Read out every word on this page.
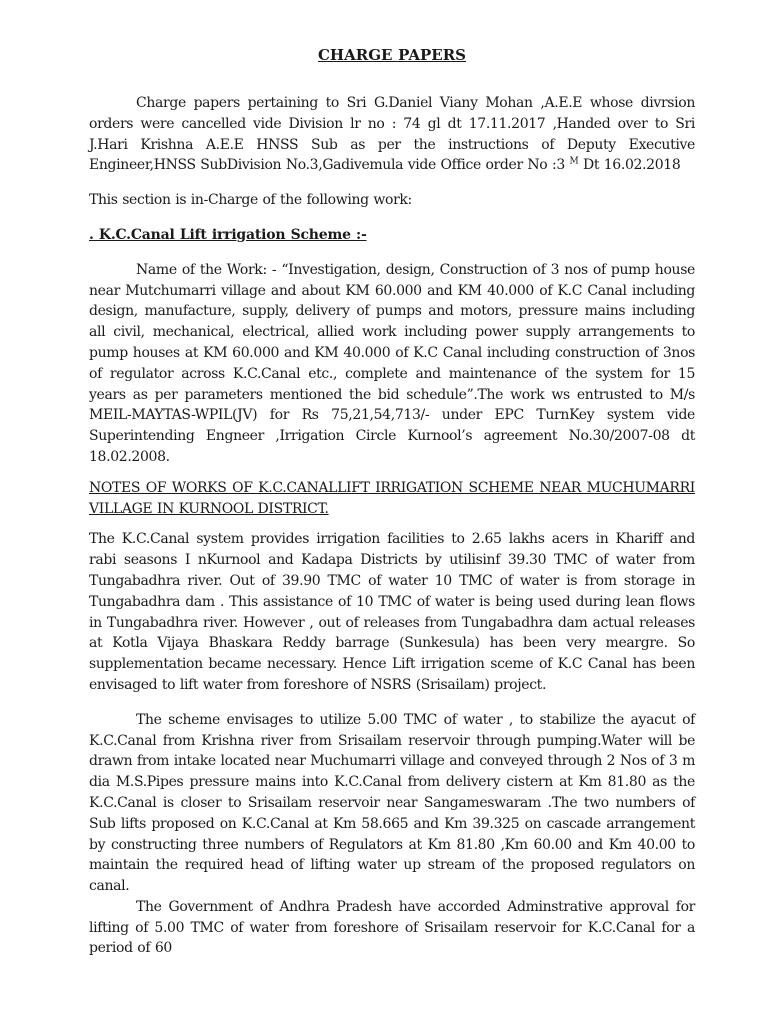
CHARGE PAPERS

Charge papers pertaining to Sri G.Daniel Viany Mohan ,A.E.E whose divrsion orders were cancelled vide Division lr no : 74 gl dt 17.11.2017 ,Handed over to Sri J.Hari Krishna A.E.E HNSS Sub as per the instructions of Deputy Executive Engineer,HNSS SubDivision No.3,Gadivemula vide Office order No :3 $^M$ Dt 16.02.2018

This section is in-Charge of the following work:

. K.C.Canal Lift irrigation Scheme :-

Name of the Work: - “Investigation, design, Construction of 3 nos of pump house near Mutchumarri village and about KM 60.000 and KM 40.000 of K.C Canal including design, manufacture, supply, delivery of pumps and motors, pressure mains including all civil, mechanical, electrical, allied work including power supply arrangements to pump houses at KM 60.000 and KM 40.000 of K.C Canal including construction of 3nos of regulator across K.C.Canal etc., complete and maintenance of the system for 15 years as per parameters mentioned the bid schedule”.The work ws entrusted to M/s MEIL-MAYTAS-WPIL(JV) for Rs 75,21,54,713/- under EPC TurnKey system vide Superintending Engneer ,Irrigation Circle Kurnool’s agreement No.30/2007-08 dt 18.02.2008.

NOTES OF WORKS OF K.C.CANALLIFT IRRIGATION SCHEME NEAR MUCHUMARRI VILLAGE IN KURNOOL DISTRICT.

The K.C.Canal system provides irrigation facilities to 2.65 lakhs acers in Khariff and rabi seasons I nKurnool and Kadapa Districts by utilisinf 39.30 TMC of water from Tungabadhra river. Out of 39.90 TMC of water 10 TMC of water is from storage in Tungabadhra dam . This assistance of 10 TMC of water is being used during lean flows in Tungabadhra river. However , out of releases from Tungabadhra dam actual releases at Kotla Vijaya Bhaskara Reddy barrage (Sunkesula) has been very meargre. So supplementation became necessary. Hence Lift irrigation sceme of K.C Canal has been envisaged to lift water from foreshore of NSRS (Srisailam) project.

The scheme envisages to utilize 5.00 TMC of water , to stabilize the ayacut of K.C.Canal from Krishna river from Srisailam reservoir through pumping.Water will be drawn from intake located near Muchumarri village and conveyed through 2 Nos of 3 m dia M.S.Pipes pressure mains into K.C.Canal from delivery cistern at Km 81.80 as the K.C.Canal is closer to Srisailam reservoir near Sangameswaram .The two numbers of Sub lifts proposed on K.C.Canal at Km 58.665 and Km 39.325 on cascade arrangement by constructing three numbers of Regulators at Km 81.80 ,Km 60.00 and Km 40.00 to maintain the required head of lifting water up stream of the proposed regulators on canal.

The Government of Andhra Pradesh have accorded Adminstrative approval for lifting of 5.00 TMC of water from foreshore of Srisailam reservoir for K.C.Canal for a period of 60
